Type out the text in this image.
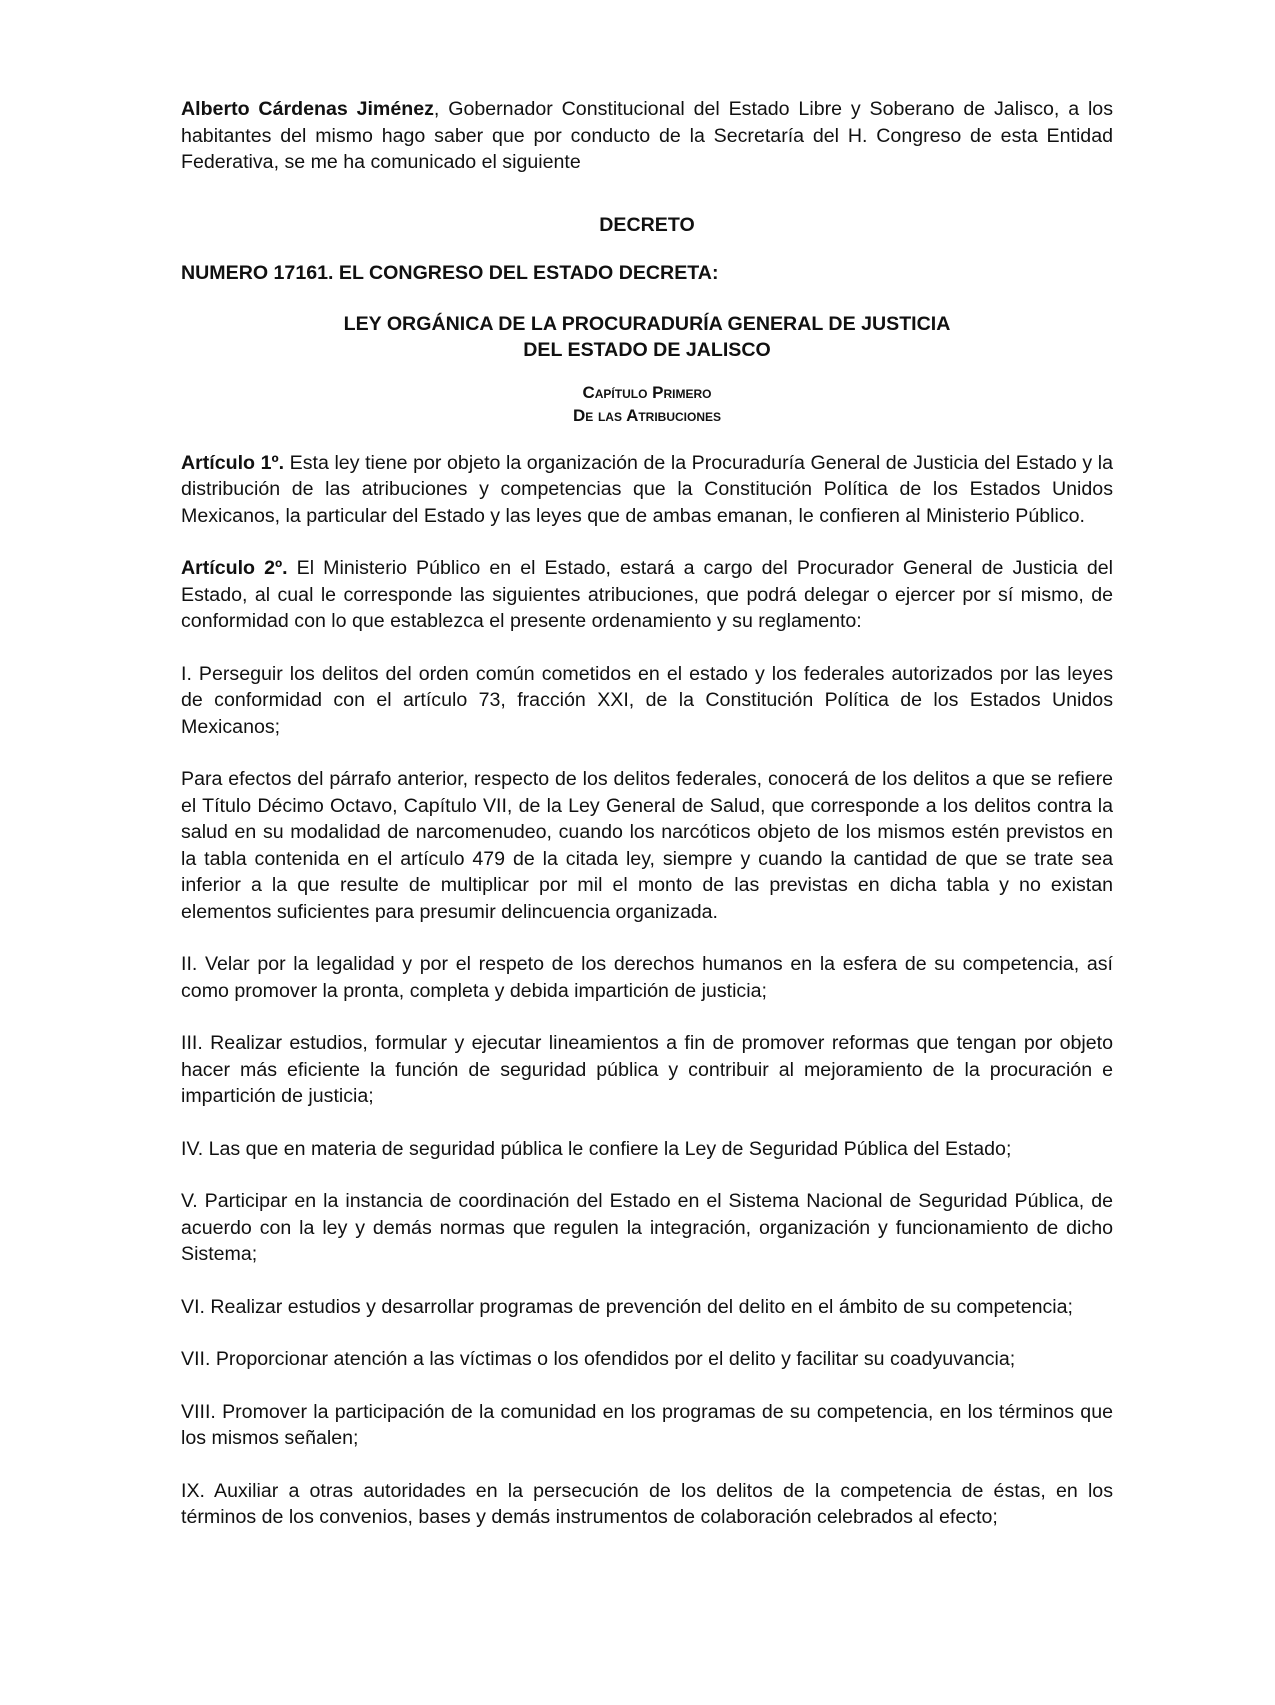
Alberto Cárdenas Jiménez, Gobernador Constitucional del Estado Libre y Soberano de Jalisco, a los habitantes del mismo hago saber que por conducto de la Secretaría del H. Congreso de esta Entidad Federativa, se me ha comunicado el siguiente

DECRETO

NUMERO 17161. EL CONGRESO DEL ESTADO DECRETA:

LEY ORGÁNICA DE LA PROCURADURÍA GENERAL DE JUSTICIA

DEL ESTADO DE JALISCO

Capítulo Primero

De las Atribuciones

Artículo 1º. Esta ley tiene por objeto la organización de la Procuraduría General de Justicia del Estado y la distribución de las atribuciones y competencias que la Constitución Política de los Estados Unidos Mexicanos, la particular del Estado y las leyes que de ambas emanan, le confieren al Ministerio Público.

Artículo 2º. El Ministerio Público en el Estado, estará a cargo del Procurador General de Justicia del Estado, al cual le corresponde las siguientes atribuciones, que podrá delegar o ejercer por sí mismo, de conformidad con lo que establezca el presente ordenamiento y su reglamento:

I. Perseguir los delitos del orden común cometidos en el estado y los federales autorizados por las leyes de conformidad con el artículo 73, fracción XXI, de la Constitución Política de los Estados Unidos Mexicanos;

Para efectos del párrafo anterior, respecto de los delitos federales, conocerá de los delitos a que se refiere el Título Décimo Octavo, Capítulo VII, de la Ley General de Salud, que corresponde a los delitos contra la salud en su modalidad de narcomenudeo, cuando los narcóticos objeto de los mismos estén previstos en la tabla contenida en el artículo 479 de la citada ley, siempre y cuando la cantidad de que se trate sea inferior a la que resulte de multiplicar por mil el monto de las previstas en dicha tabla y no existan elementos suficientes para presumir delincuencia organizada.

II. Velar por la legalidad y por el respeto de los derechos humanos en la esfera de su competencia, así como promover la pronta, completa y debida impartición de justicia;

III. Realizar estudios, formular y ejecutar lineamientos a fin de promover reformas que tengan por objeto hacer más eficiente la función de seguridad pública y contribuir al mejoramiento de la procuración e impartición de justicia;

IV. Las que en materia de seguridad pública le confiere la Ley de Seguridad Pública del Estado;

V. Participar en la instancia de coordinación del Estado en el Sistema Nacional de Seguridad Pública, de acuerdo con la ley y demás normas que regulen la integración, organización y funcionamiento de dicho Sistema;

VI. Realizar estudios y desarrollar programas de prevención del delito en el ámbito de su competencia;

VII. Proporcionar atención a las víctimas o los ofendidos por el delito y facilitar su coadyuvancia;

VIII. Promover la participación de la comunidad en los programas de su competencia, en los términos que los mismos señalen;

IX. Auxiliar a otras autoridades en la persecución de los delitos de la competencia de éstas, en los términos de los convenios, bases y demás instrumentos de colaboración celebrados al efecto;
